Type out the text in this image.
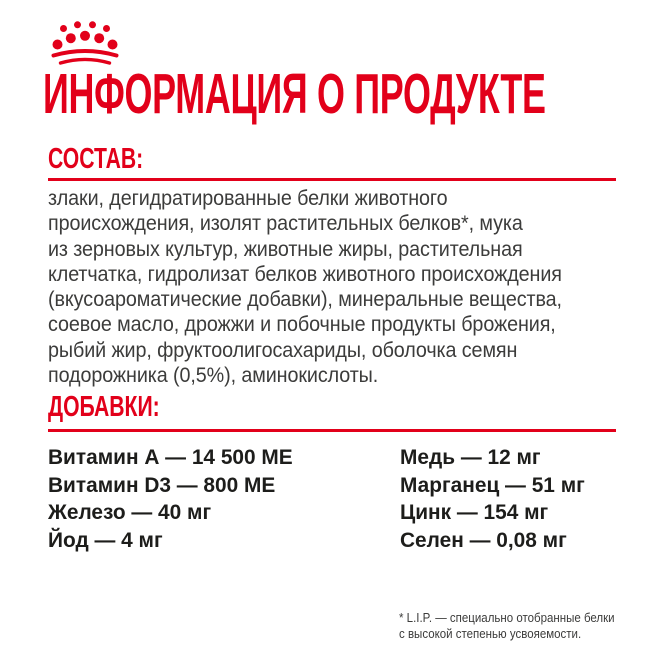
ИНФОРМАЦИЯ О ПРОДУКТЕ
СОСТАВ:
злаки, дегидратированные белки животного
происхождения, изолят растительных белков*, мука
из зерновых культур, животные жиры, растительная
клетчатка, гидролизат белков животного происхождения
(вкусоароматические добавки), минеральные вещества,
соевое масло, дрожжи и побочные продукты брожения,
рыбий жир, фруктоолигосахариды, оболочка семян
подорожника (0,5%), аминокислоты.
ДОБАВКИ:
Витамин А — 14 500 МЕ
Витамин D3 — 800 МЕ
Железо — 40 мг
Йод — 4 мг
Медь — 12 мг
Марганец — 51 мг
Цинк — 154 мг
Селен — 0,08 мг
* L.I.P. — специально отобранные белки
с высокой степенью усвояемости.
